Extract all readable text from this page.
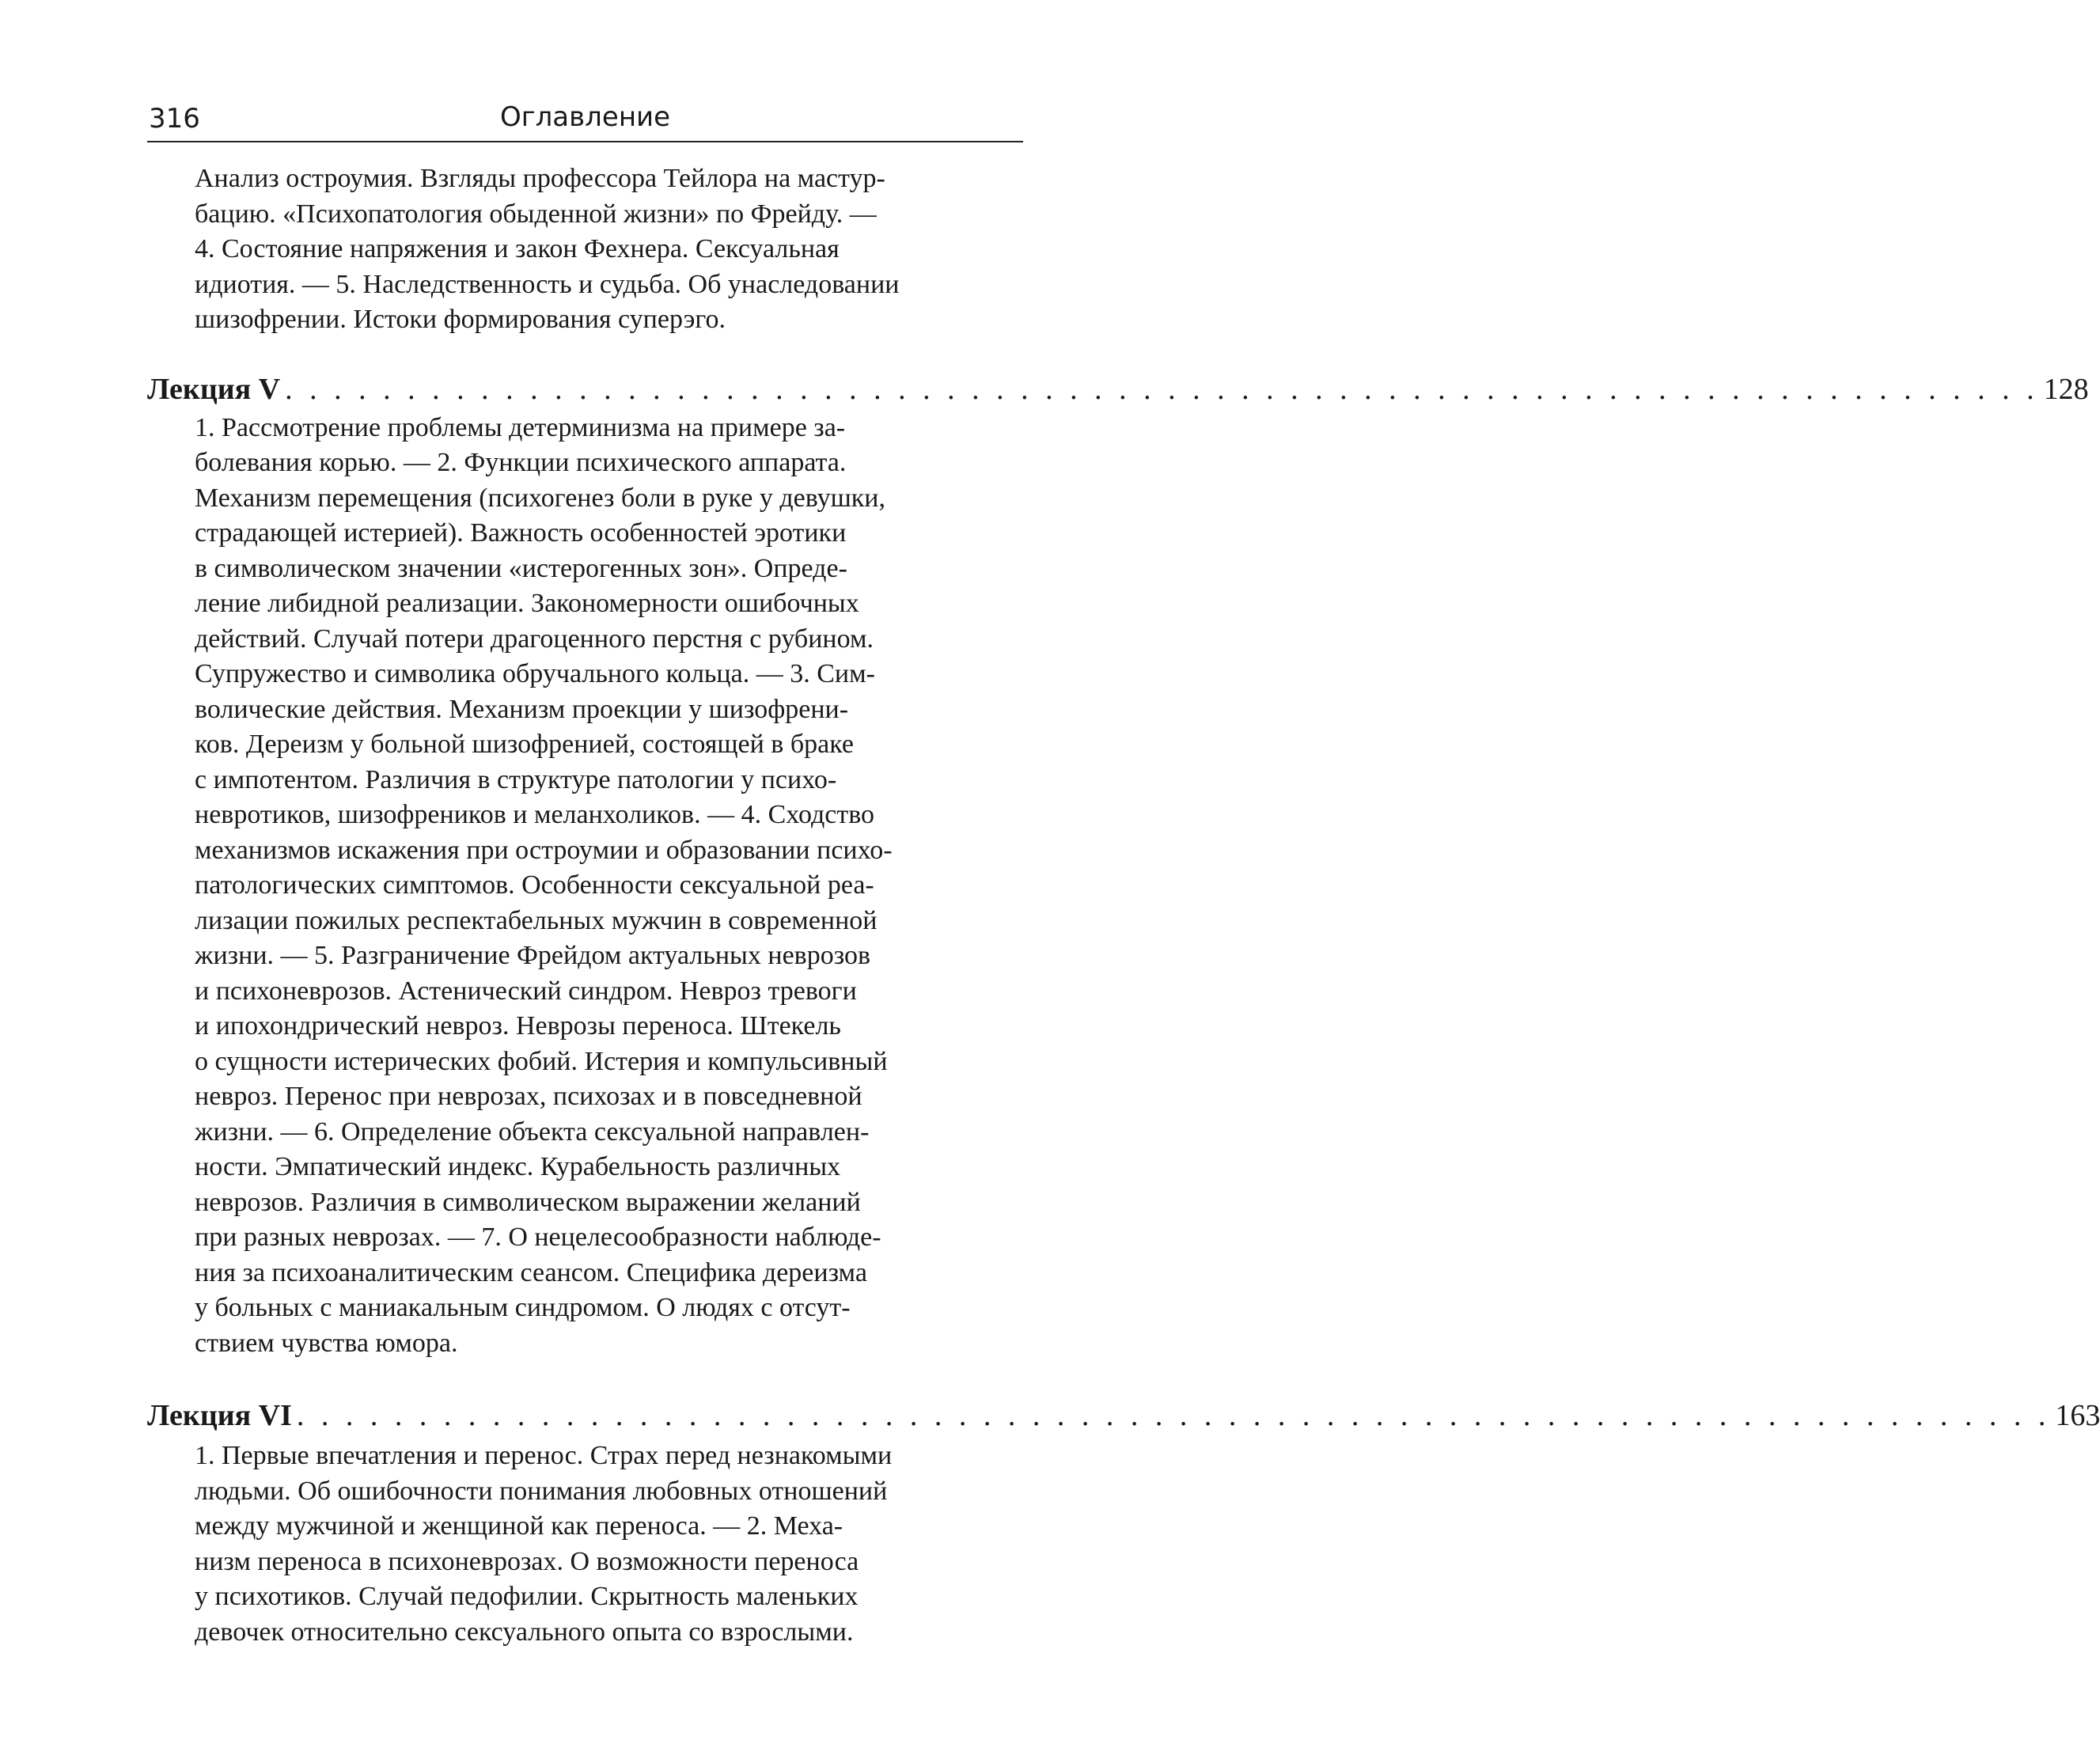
316	Оглавление
Анализ остроумия. Взгляды профессора Тейлора на мастур-
бацию. «Психопатология обыденной жизни» по Фрейду. —
4. Состояние напряжения и закон Фехнера. Сексуальная
идиотия. — 5. Наследственность и судьба. Об унаследовании
шизофрении. Истоки формирования суперэго.
Лекция V . . . . . . . . . . . . . . . . . . . . . . . . . . . . . . . . . . . . . . . . . . . . . . . . . . . . . . . . . . . . . . . . . . . . . . . . 128
1. Рассмотрение проблемы детерминизма на примере за-
болевания корью. — 2. Функции психического аппарата.
Механизм перемещения (психогенез боли в руке у девушки,
страдающей истерией). Важность особенностей эротики
в символическом значении «истерогенных зон». Опреде-
ление либидной реализации. Закономерности ошибочных
действий. Случай потери драгоценного перстня с рубином.
Супружество и символика обручального кольца. — 3. Сим-
волические действия. Механизм проекции у шизофрени-
ков. Дереизм у больной шизофренией, состоящей в браке
с импотентом. Различия в структуре патологии у психо-
невротиков, шизофреников и меланхоликов. — 4. Сходство
механизмов искажения при остроумии и образовании психо-
патологических симптомов. Особенности сексуальной реа-
лизации пожилых респектабельных мужчин в современной
жизни. — 5. Разграничение Фрейдом актуальных неврозов
и психоневрозов. Астенический синдром. Невроз тревоги
и ипохондрический невроз. Неврозы переноса. Штекель
о сущности истерических фобий. Истерия и компульсивный
невроз. Перенос при неврозах, психозах и в повседневной
жизни. — 6. Определение объекта сексуальной направлен-
ности. Эмпатический индекс. Курабельность различных
неврозов. Различия в символическом выражении желаний
при разных неврозах. — 7. О нецелесообразности наблюде-
ния за психоаналитическим сеансом. Специфика дереизма
у больных с маниакальным синдромом. О людях с отсут-
ствием чувства юмора.
Лекция VI . . . . . . . . . . . . . . . . . . . . . . . . . . . . . . . . . . . . . . . . . . . . . . . . . . . . . . . . . . . . . . . . . . . . . . . . 163
1. Первые впечатления и перенос. Страх перед незнакомыми
людьми. Об ошибочности понимания любовных отношений
между мужчиной и женщиной как переноса. — 2. Меха-
низм переноса в психоневрозах. О возможности переноса
у психотиков. Случай педофилии. Скрытность маленьких
девочек относительно сексуального опыта со взрослыми.
